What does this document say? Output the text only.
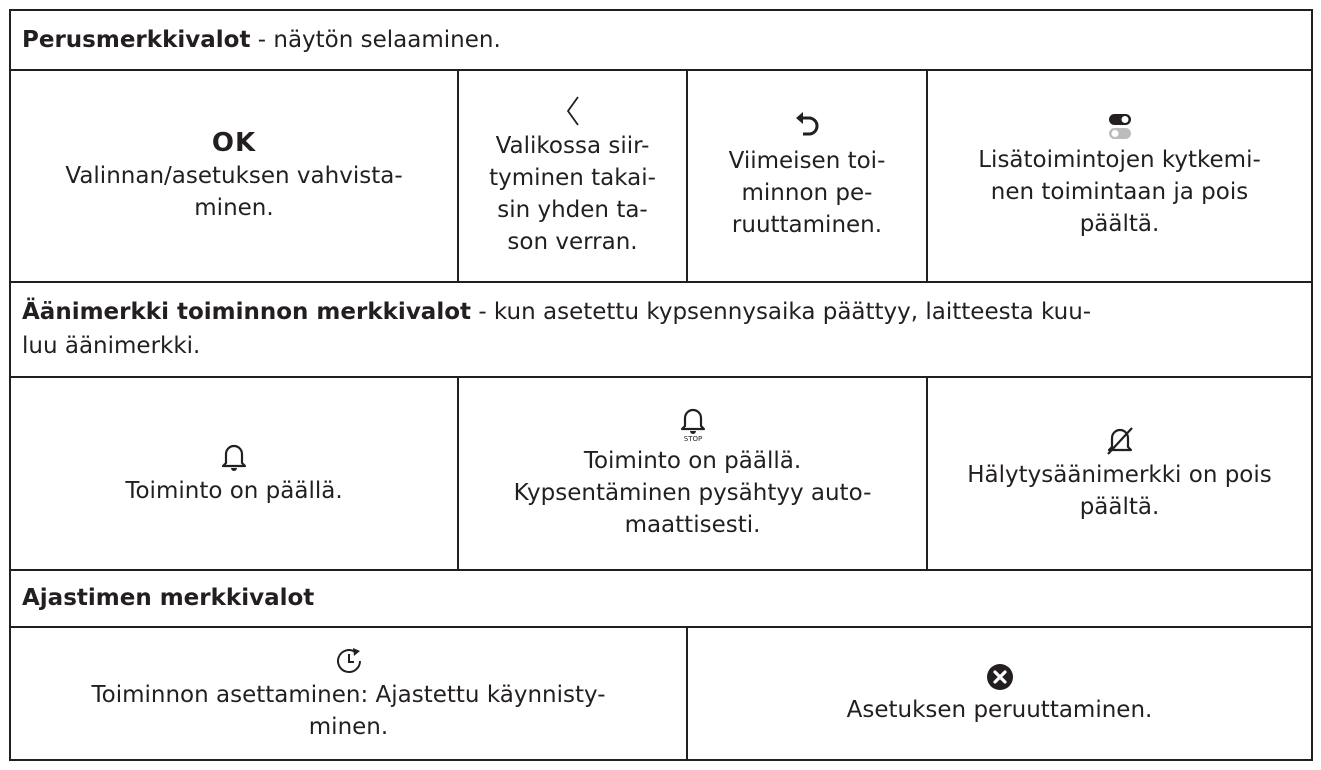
Perusmerkkivalot - näytön selaaminen.
OK
Valinnan/asetuksen vahvista-
minen.
Valikossa siir-
tyminen takai-
sin yhden ta-
son verran.
Viimeisen toi-
minnon pe-
ruuttaminen.
Lisätoimintojen kytkemi-
nen toimintaan ja pois
päältä.
Äänimerkki toiminnon merkkivalot - kun asetettu kypsennysaika päättyy, laitteesta kuu-
luu äänimerkki.
Toiminto on päällä.
STOP
Toiminto on päällä.
Kypsentäminen pysähtyy auto-
maattisesti.
Hälytysäänimerkki on pois
päältä.
Ajastimen merkkivalot
Toiminnon asettaminen: Ajastettu käynnisty-
minen.
Asetuksen peruuttaminen.
